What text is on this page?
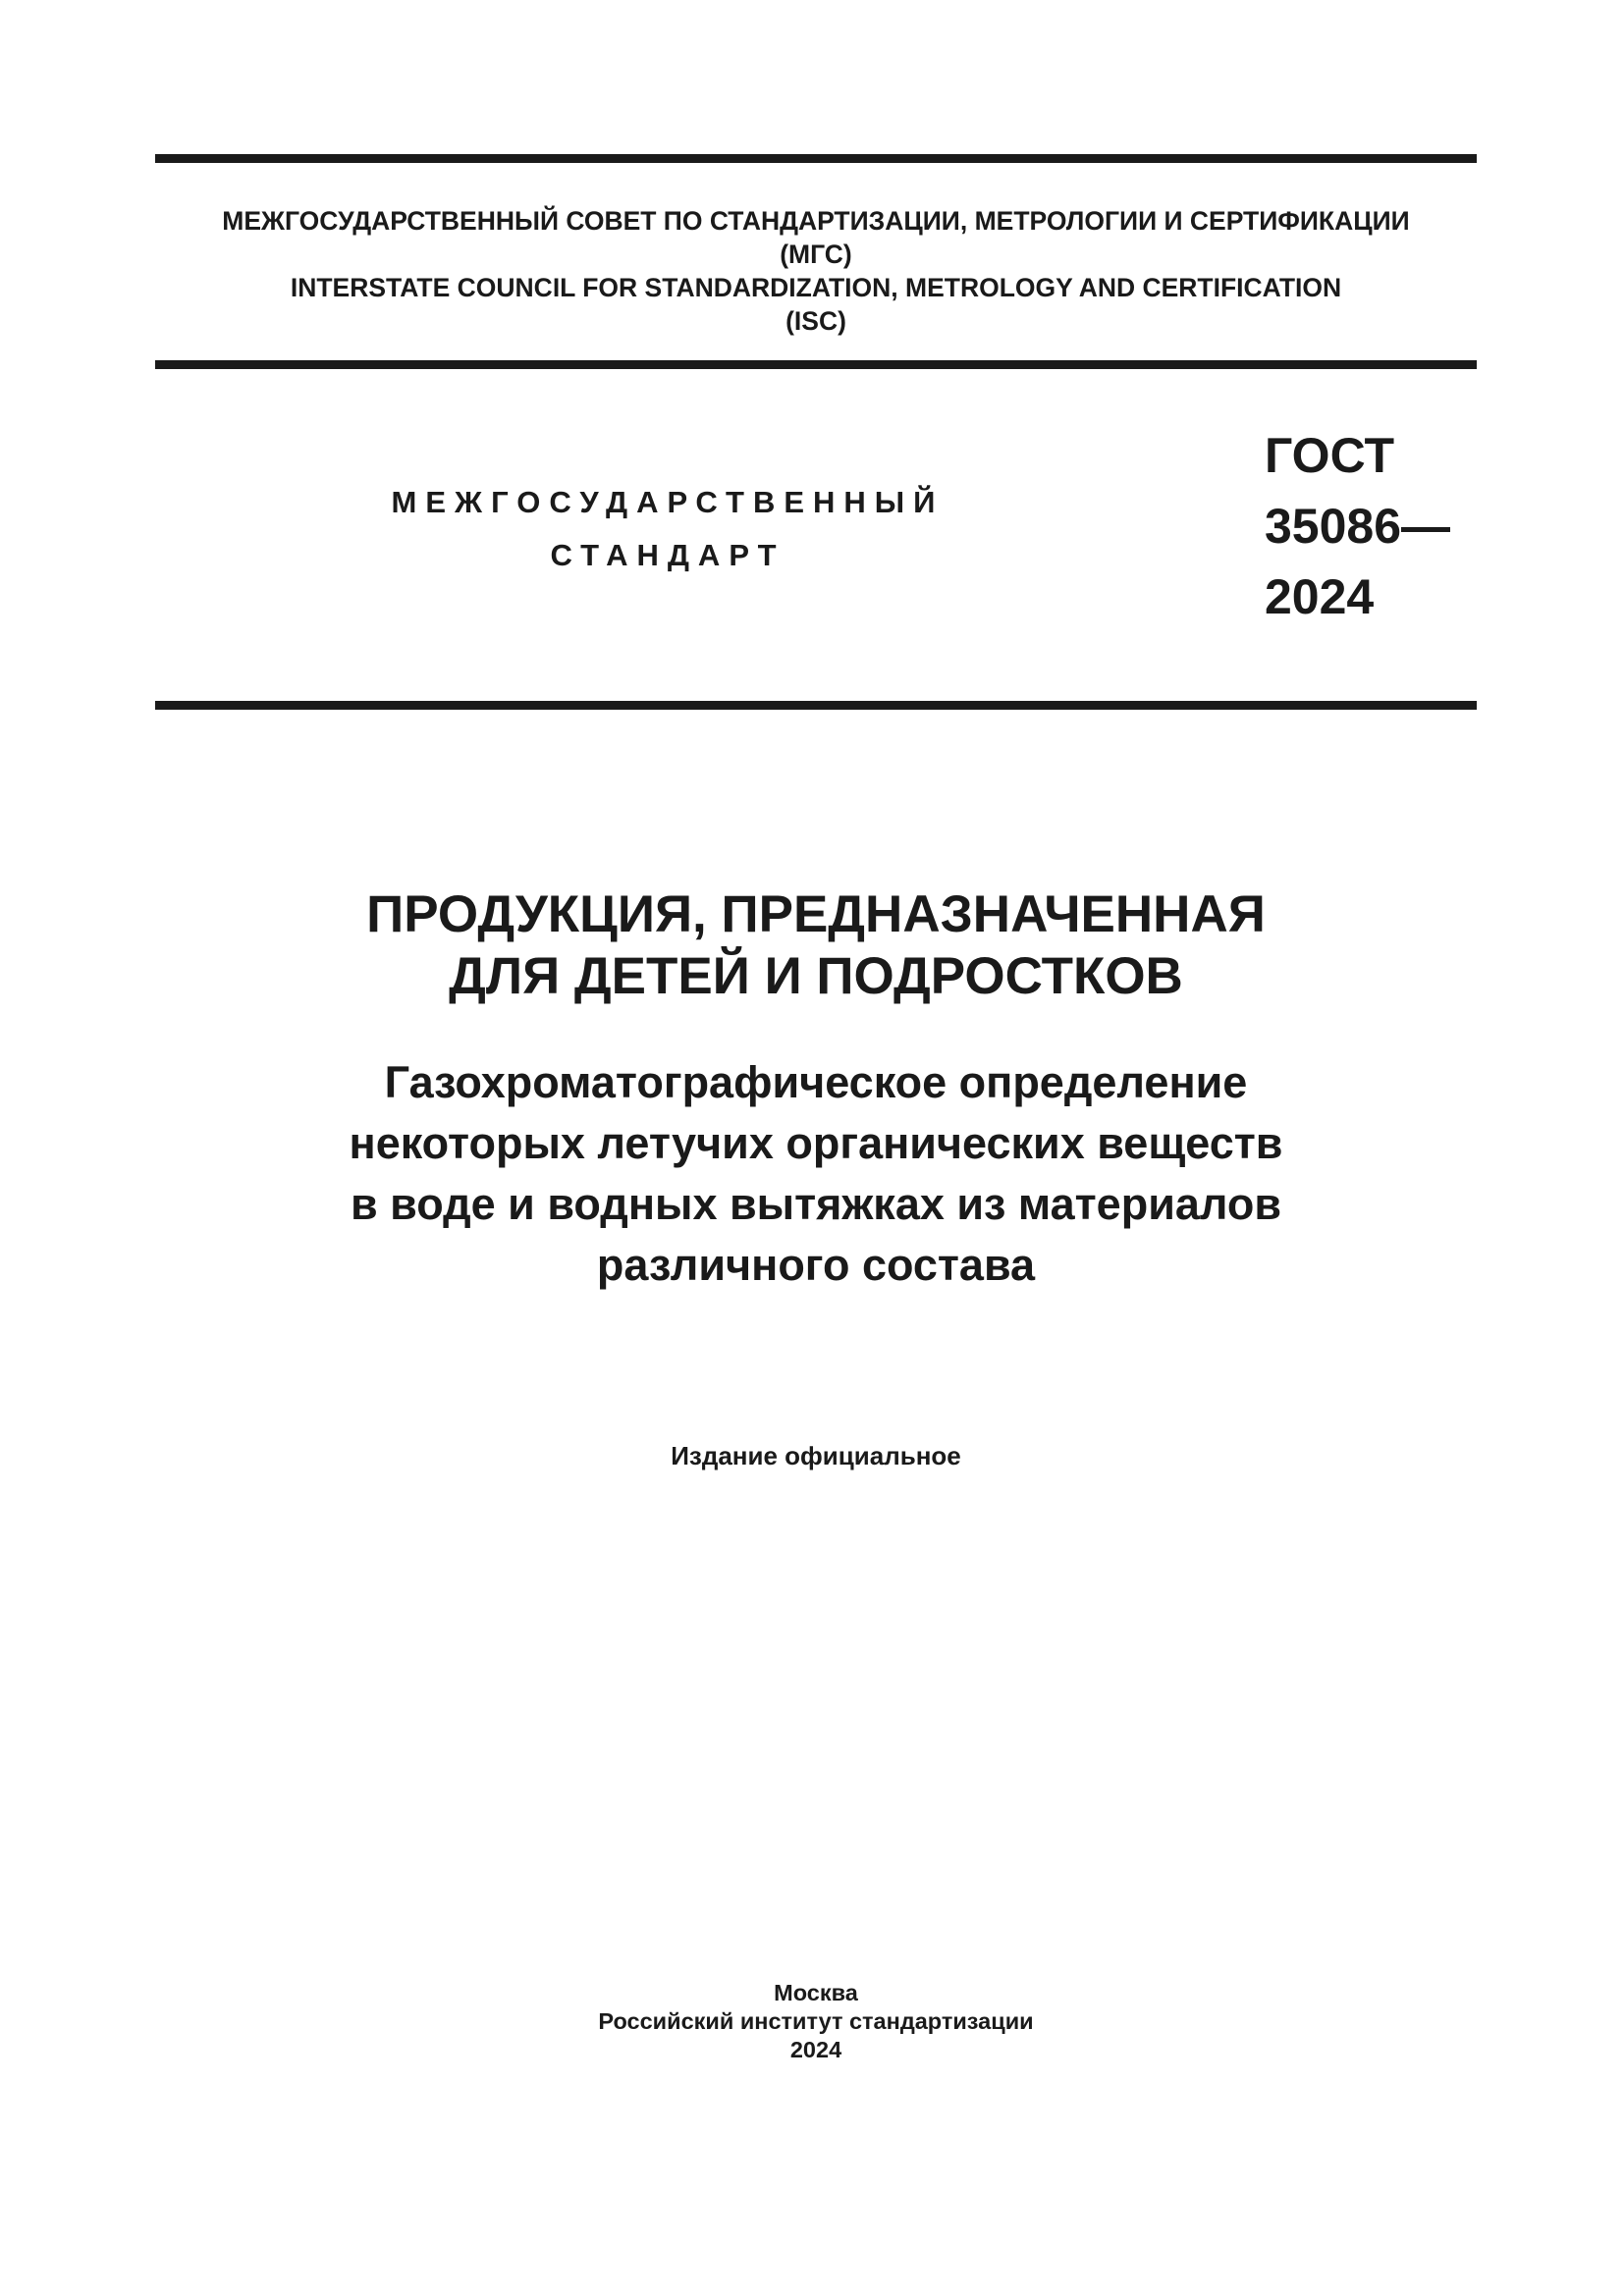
МЕЖГОСУДАРСТВЕННЫЙ СОВЕТ ПО СТАНДАРТИЗАЦИИ, МЕТРОЛОГИИ И СЕРТИФИКАЦИИ
(МГС)
INTERSTATE COUNCIL FOR STANDARDIZATION, METROLOGY AND CERTIFICATION
(ISC)
МЕЖГОСУДАРСТВЕННЫЙ
СТАНДАРТ
ГОСТ
35086—
2024
ПРОДУКЦИЯ, ПРЕДНАЗНАЧЕННАЯ
ДЛЯ ДЕТЕЙ И ПОДРОСТКОВ
Газохроматографическое определение
некоторых летучих органических веществ
в воде и водных вытяжках из материалов
различного состава
Издание официальное
Москва
Российский институт стандартизации
2024
